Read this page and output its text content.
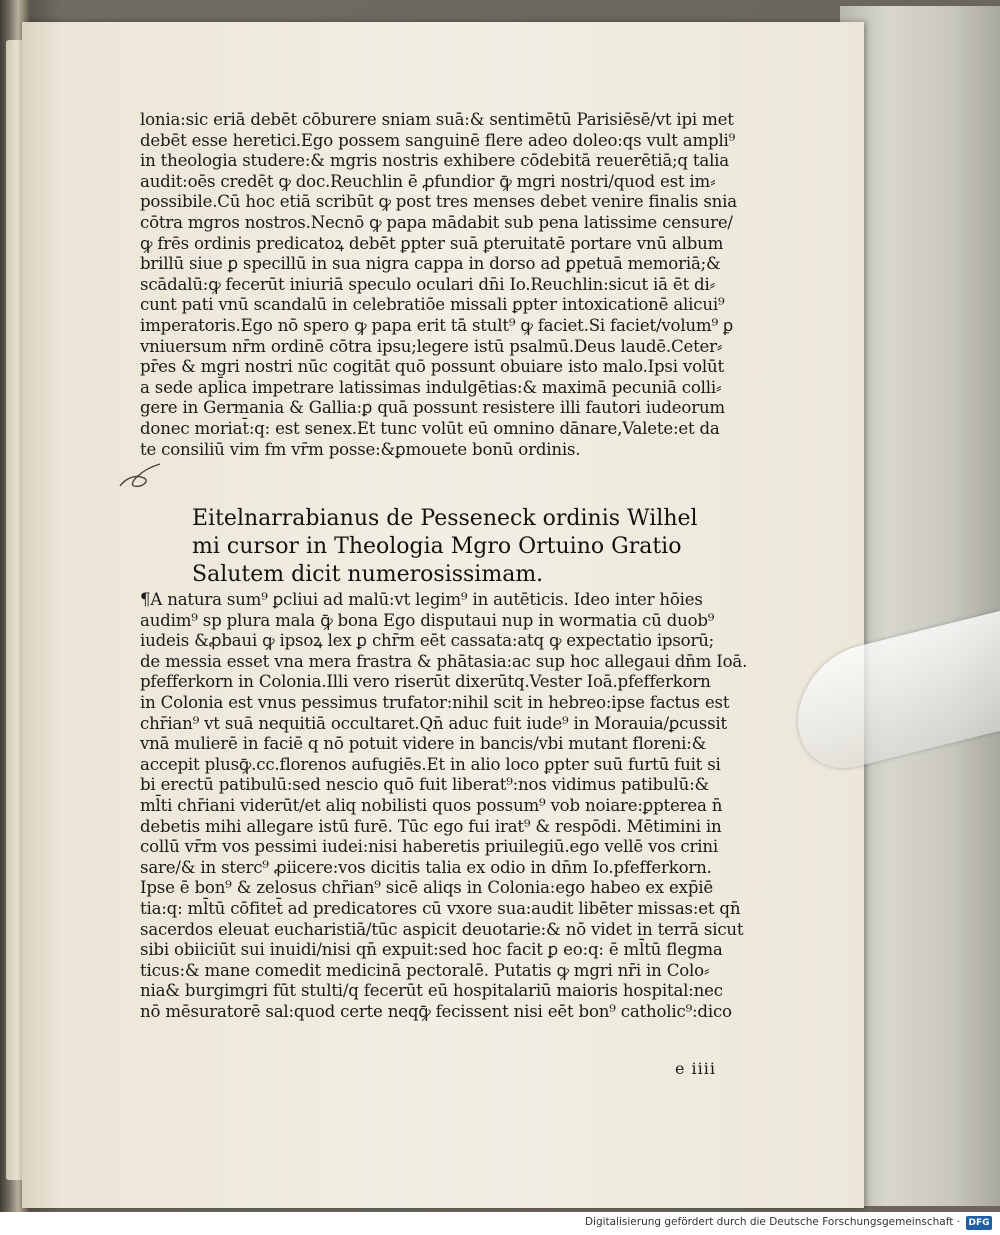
lonia:sic eriā debēt cōburere sniam suā:& sentimētū Parisiēsē/vt ipi met
debēt esse heretici.Ego possem sanguinē flere adeo doleo:qs vult ampli⁹
in theologia studere:& mgris nostris exhibere cōdebitā reuerētiā;q talia
audit:oēs credēt ꝙ doc.Reuchlin ē ꝓfundior ꝙ̄ mgri nostri/quod est im⸗
possibile.Cū hoc etiā scribūt ꝙ post tres menses debet venire finalis snia
cōtra mgros nostros.Necnō ꝙ papa mādabit sub pena latissime censure/
ꝙ frēs ordinis predicatoꝝ debēt ꝑpter suā ꝑteruitatē portare vnū album
brillū siue ꝑ specillū in sua nigra cappa in dorso ad ꝑpetuā memoriā;&
scādalū:ꝙ fecerūt iniuriā speculo oculari dn̄i Io.Reuchlin:sicut iā ēt di⸗
cunt pati vnū scandalū in celebratiōe missali ꝑpter intoxicationē alicui⁹
imperatoris.Ego nō spero ꝙ papa erit tā stult⁹ ꝙ faciet.Si faciet/volum⁹ ꝑ
vniuersum nr̄m ordinē cōtra ipsu;legere istū psalmū.Deus laudē.Ceter⸗
pr̄es & mgri nostri nūc cogitāt quō possunt obuiare isto malo.Ipsi volūt
a sede apl̄ica impetrare latissimas indulgētias:& maximā pecuniā colli⸗
gere in Germania & Gallia:ꝑ quā possunt resistere illi fautori iudeorum
donec moriat̄:q: est senex.Et tunc volūt eū omnino dānare,Valete:et da
te consiliū vim fm vr̄m posse:&ꝑmouete bonū ordinis.
Eitelnarrabianus de Pesseneck ordinis Wilhel
mi cursor in Theologia Mgro Ortuino Gratio
Salutem dicit numerosissimam.
¶A natura sum⁹ ꝑcliui ad malū:vt legim⁹ in autēticis. Ideo inter hōies
audim⁹ sp plura mala ꝙ̄ bona Ego disputaui nup in wormatia cū duob⁹
iudeis &ꝓbaui ꝙ ipsoꝝ lex ꝑ chr̄m eēt cassata:atq ꝙ expectatio ipsorū;
de messia esset vna mera frastra & phātasia:ac sup hoc allegaui dn̄m Ioā.
pfefferkorn in Colonia.Illi vero riserūt dixerūtq.Vester Ioā.pfefferkorn
in Colonia est vnus pessimus trufator:nihil scit in hebreo:ipse factus est
chr̄ian⁹ vt suā nequitiā occultaret.Qn̄ aduc fuit iude⁹ in Morauia/ꝑcussit
vnā mulierē in faciē q nō potuit videre in bancis/vbi mutant floreni:&
accepit plusꝙ̄.cc.florenos aufugiēs.Et in alio loco ꝑpter suū furtū fuit si
bi erectū patibulū:sed nescio quō fuit liberat⁹:nos vidimus patibulū:&
ml̄ti chr̄iani viderūt/et aliq nobilisti quos possum⁹ vob noiare:ꝑpterea n̄
debetis mihi allegare istū furē. Tūc ego fui irat⁹ & respōdi. Mētimini in
collū vr̄m vos pessimi iudei:nisi haberetis priuilegiū.ego vellē vos crini
sare/& in sterc⁹ ꝓiicere:vos dicitis talia ex odio in dn̄m Io.pfefferkorn.
Ipse ē bon⁹ & zelosus chr̄ian⁹ sicē aliqs in Colonia:ego habeo ex exp̄iē
tia:q: ml̄tū cōfitet̄ ad predicatores cū vxore sua:audit libēter missas:et qn̄
sacerdos eleuat eucharistiā/tūc aspicit deuotarie:& nō videt in terrā sicut
sibi obiiciūt sui inuidi/nisi qn̄ expuit:sed hoc facit ꝑ eo:q: ē ml̄tū flegma
ticus:& mane comedit medicinā pectoralē. Putatis ꝙ mgri nr̄i in Colo⸗
nia& burgimgri fūt stulti/q fecerūt eū hospitalariū maioris hospital:nec
nō mēsuratorē sal:quod certe neqꝙ̄ fecissent nisi eēt bon⁹ catholic⁹:dico
e iiii
Digitalisierung gefördert durch die Deutsche Forschungsgemeinschaft · DFG
